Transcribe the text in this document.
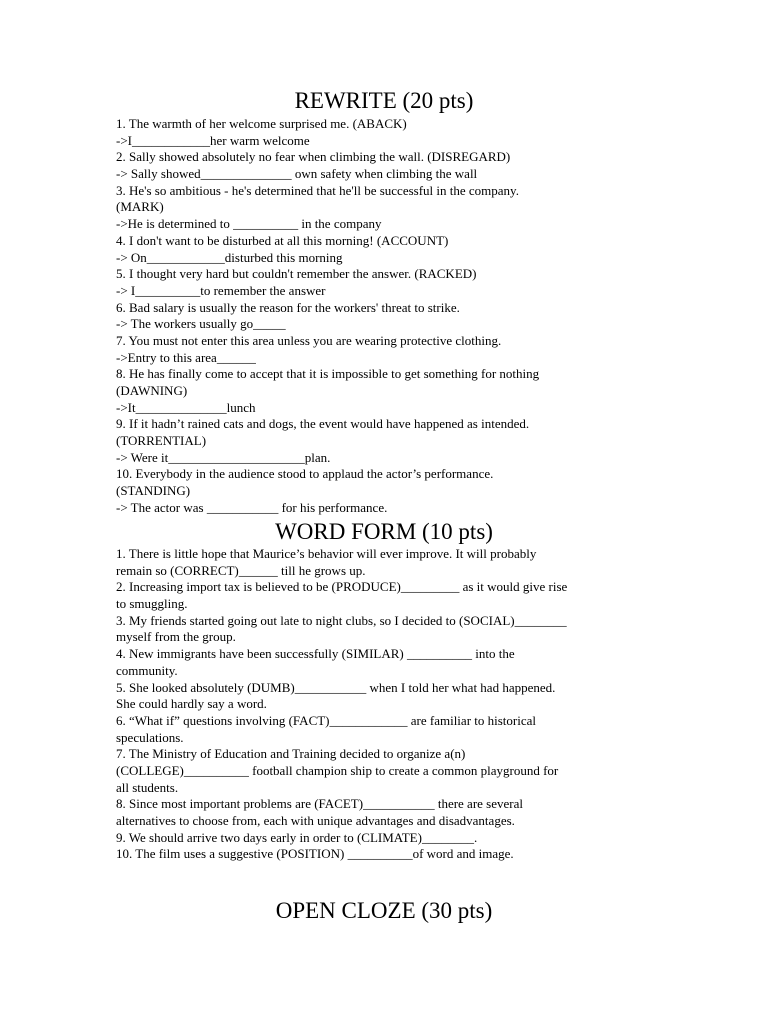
REWRITE (20 pts)
1. The warmth of her welcome surprised me. (ABACK)
->I____________her warm welcome
2. Sally showed absolutely no fear when climbing the wall. (DISREGARD)
-> Sally showed______________ own safety when climbing the wall
3. He's so ambitious - he's determined that he'll be successful in the company.
(MARK)
->He is determined to __________ in the company
4. I don't want to be disturbed at all this morning! (ACCOUNT)
-> On____________disturbed this morning
5. I thought very hard but couldn't remember the answer. (RACKED)
-> I__________to remember the answer
6. Bad salary is usually the reason for the workers' threat to strike.
-> The workers usually go_____
7. You must not enter this area unless you are wearing protective clothing.
->Entry to this area______
8. He has finally come to accept that it is impossible to get something for nothing
(DAWNING)
->It______________lunch
9. If it hadn’t rained cats and dogs, the event would have happened as intended.
(TORRENTIAL)
-> Were it_____________________plan.
10. Everybody in the audience stood to applaud the actor’s performance.
(STANDING)
-> The actor was ___________ for his performance.
WORD FORM (10 pts)
1. There is little hope that Maurice’s behavior will ever improve. It will probably
remain so (CORRECT)______ till he grows up.
2. Increasing import tax is believed to be (PRODUCE)_________ as it would give rise
to smuggling.
3. My friends started going out late to night clubs, so I decided to (SOCIAL)________
myself from the group.
4. New immigrants have been successfully (SIMILAR) __________ into the
community.
5. She looked absolutely (DUMB)___________ when I told her what had happened.
She could hardly say a word.
6. “What if” questions involving (FACT)____________ are familiar to historical
speculations.
7. The Ministry of Education and Training decided to organize a(n)
(COLLEGE)__________ football champion ship to create a common playground for
all students.
8. Since most important problems are (FACET)___________ there are several
alternatives to choose from, each with unique advantages and disadvantages.
9. We should arrive two days early in order to (CLIMATE)________.
10. The film uses a suggestive (POSITION) __________of word and image.
OPEN CLOZE (30 pts)
